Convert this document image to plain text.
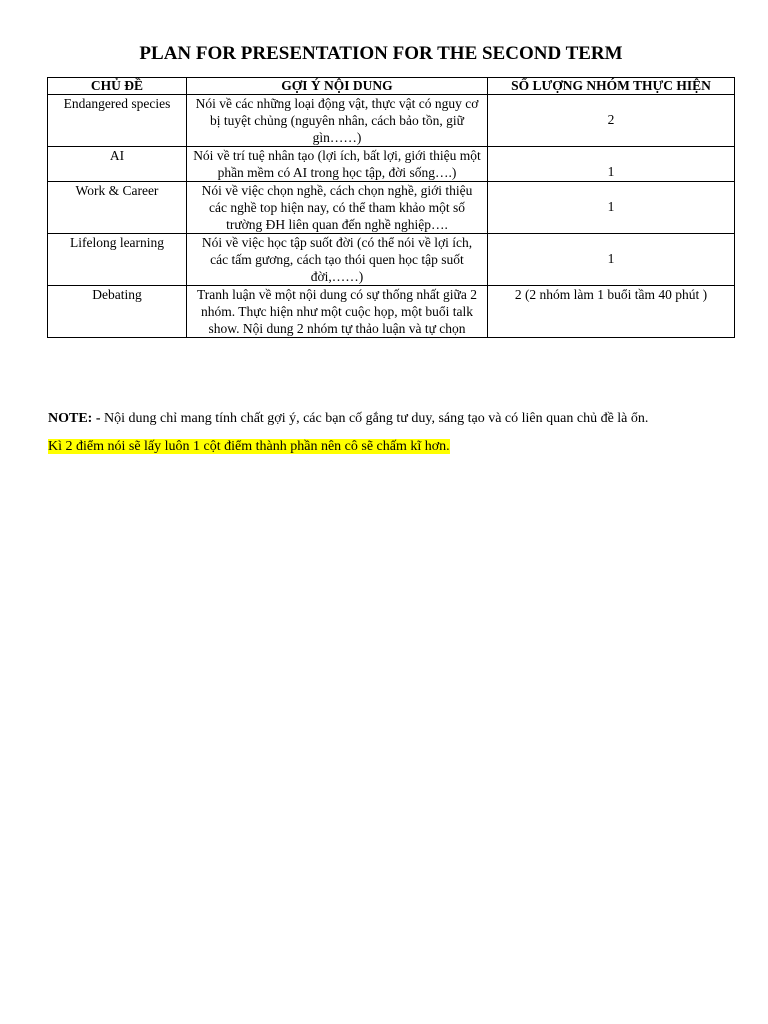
PLAN FOR PRESENTATION FOR THE SECOND TERM
CHỦ ĐỀ	GỢI Ý NỘI DUNG	SỐ LƯỢNG NHÓM THỰC HIỆN
Endangered species	Nói về các những loại động vật, thực vật có nguy cơ bị tuyệt chủng (nguyên nhân, cách bảo tồn, giữ gìn……)	2
AI	Nói về trí tuệ nhân tạo (lợi ích, bất lợi, giới thiệu một phần mềm có AI trong học tập, đời sống….)	1
Work & Career	Nói về việc chọn nghề, cách chọn nghề, giới thiệu các nghề top hiện nay, có thể tham khảo một số trường ĐH liên quan đến nghề nghiệp….	1
Lifelong learning	Nói về việc học tập suốt đời (có thể nói về lợi ích, các tấm gương, cách tạo thói quen học tập suốt đời,……)	1
Debating	Tranh luận về một nội dung có sự thống nhất giữa 2 nhóm. Thực hiện như một cuộc họp, một buổi talk show. Nội dung 2 nhóm tự thảo luận và tự chọn	2 (2 nhóm làm 1 buổi tầm 40 phút )

NOTE: - Nội dung chỉ mang tính chất gợi ý, các bạn cố gắng tư duy, sáng tạo và có liên quan chủ đề là ổn.

Kì 2 điểm nói sẽ lấy luôn 1 cột điểm thành phần nên cô sẽ chấm kĩ hơn.
